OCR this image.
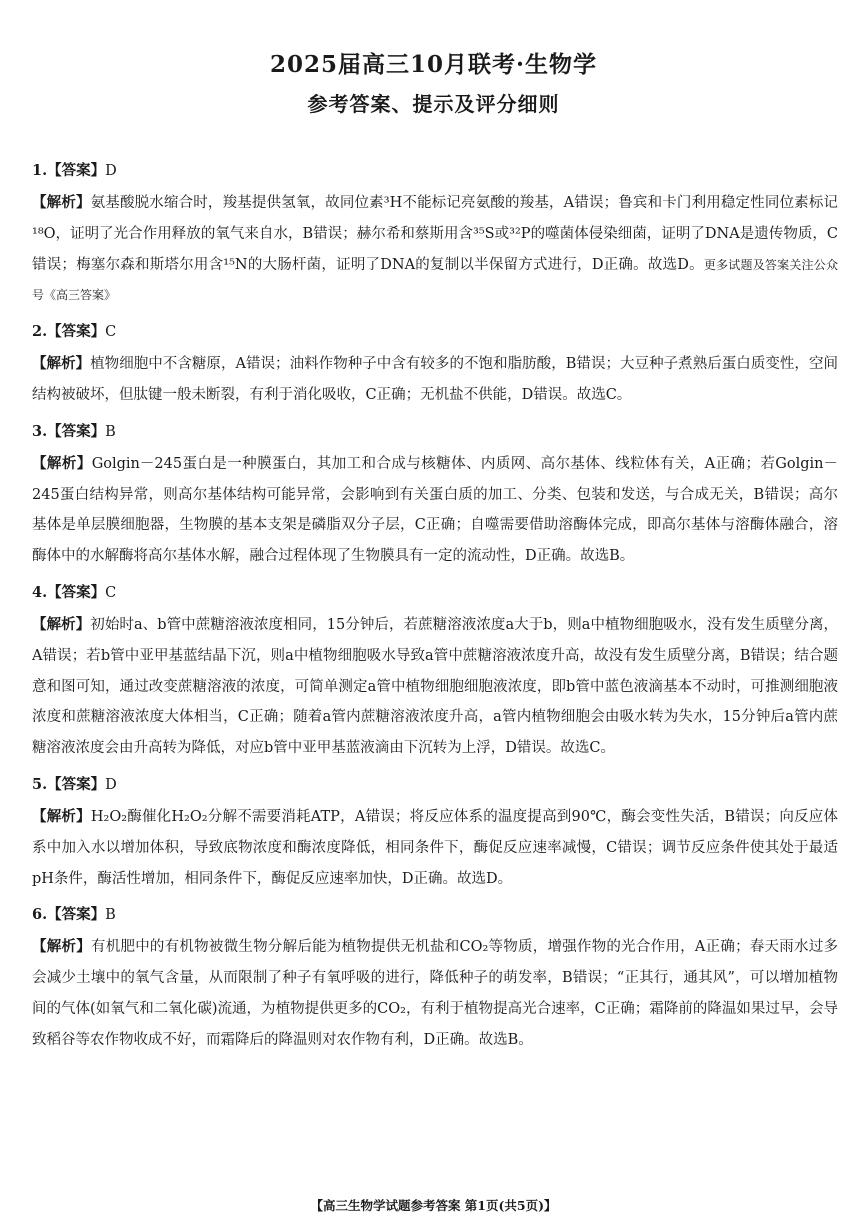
2025届高三10月联考·生物学
参考答案、提示及评分细则

1.【答案】D

【解析】氨基酸脱水缩合时，羧基提供氢氧，故同位素³H不能标记亮氨酸的羧基，A错误；鲁宾和卡门利用稳定性同位素标记¹⁸O，证明了光合作用释放的氧气来自水，B错误；赫尔希和蔡斯用含³⁵S或³²P的噬菌体侵染细菌，证明了DNA是遗传物质，C错误；梅塞尔森和斯塔尔用含¹⁵N的大肠杆菌，证明了DNA的复制以半保留方式进行，D正确。故选D。更多试题及答案关注公众号《高三答案》

2.【答案】C

【解析】植物细胞中不含糖原，A错误；油料作物种子中含有较多的不饱和脂肪酸，B错误；大豆种子煮熟后蛋白质变性，空间结构被破坏，但肽键一般未断裂，有利于消化吸收，C正确；无机盐不供能，D错误。故选C。

3.【答案】B

【解析】Golgin－245蛋白是一种膜蛋白，其加工和合成与核糖体、内质网、高尔基体、线粒体有关，A正确；若Golgin－245蛋白结构异常，则高尔基体结构可能异常，会影响到有关蛋白质的加工、分类、包装和发送，与合成无关，B错误；高尔基体是单层膜细胞器，生物膜的基本支架是磷脂双分子层，C正确；自噬需要借助溶酶体完成，即高尔基体与溶酶体融合，溶酶体中的水解酶将高尔基体水解，融合过程体现了生物膜具有一定的流动性，D正确。故选B。

4.【答案】C

【解析】初始时a、b管中蔗糖溶液浓度相同，15分钟后，若蔗糖溶液浓度a大于b，则a中植物细胞吸水，没有发生质壁分离，A错误；若b管中亚甲基蓝结晶下沉，则a中植物细胞吸水导致a管中蔗糖溶液浓度升高，故没有发生质壁分离，B错误；结合题意和图可知，通过改变蔗糖溶液的浓度，可简单测定a管中植物细胞细胞液浓度，即b管中蓝色液滴基本不动时，可推测细胞液浓度和蔗糖溶液浓度大体相当，C正确；随着a管内蔗糖溶液浓度升高，a管内植物细胞会由吸水转为失水，15分钟后a管内蔗糖溶液浓度会由升高转为降低，对应b管中亚甲基蓝液滴由下沉转为上浮，D错误。故选C。

5.【答案】D

【解析】H₂O₂酶催化H₂O₂分解不需要消耗ATP，A错误；将反应体系的温度提高到90℃，酶会变性失活，B错误；向反应体系中加入水以增加体积，导致底物浓度和酶浓度降低，相同条件下，酶促反应速率减慢，C错误；调节反应条件使其处于最适pH条件，酶活性增加，相同条件下，酶促反应速率加快，D正确。故选D。

6.【答案】B

【解析】有机肥中的有机物被微生物分解后能为植物提供无机盐和CO₂等物质，增强作物的光合作用，A正确；春天雨水过多会减少土壤中的氧气含量，从而限制了种子有氧呼吸的进行，降低种子的萌发率，B错误；“正其行，通其风”，可以增加植物间的气体(如氧气和二氧化碳)流通，为植物提供更多的CO₂，有利于植物提高光合速率，C正确；霜降前的降温如果过早，会导致稻谷等农作物收成不好，而霜降后的降温则对农作物有利，D正确。故选B。

【高三生物学试题参考答案 第1页(共5页)】
